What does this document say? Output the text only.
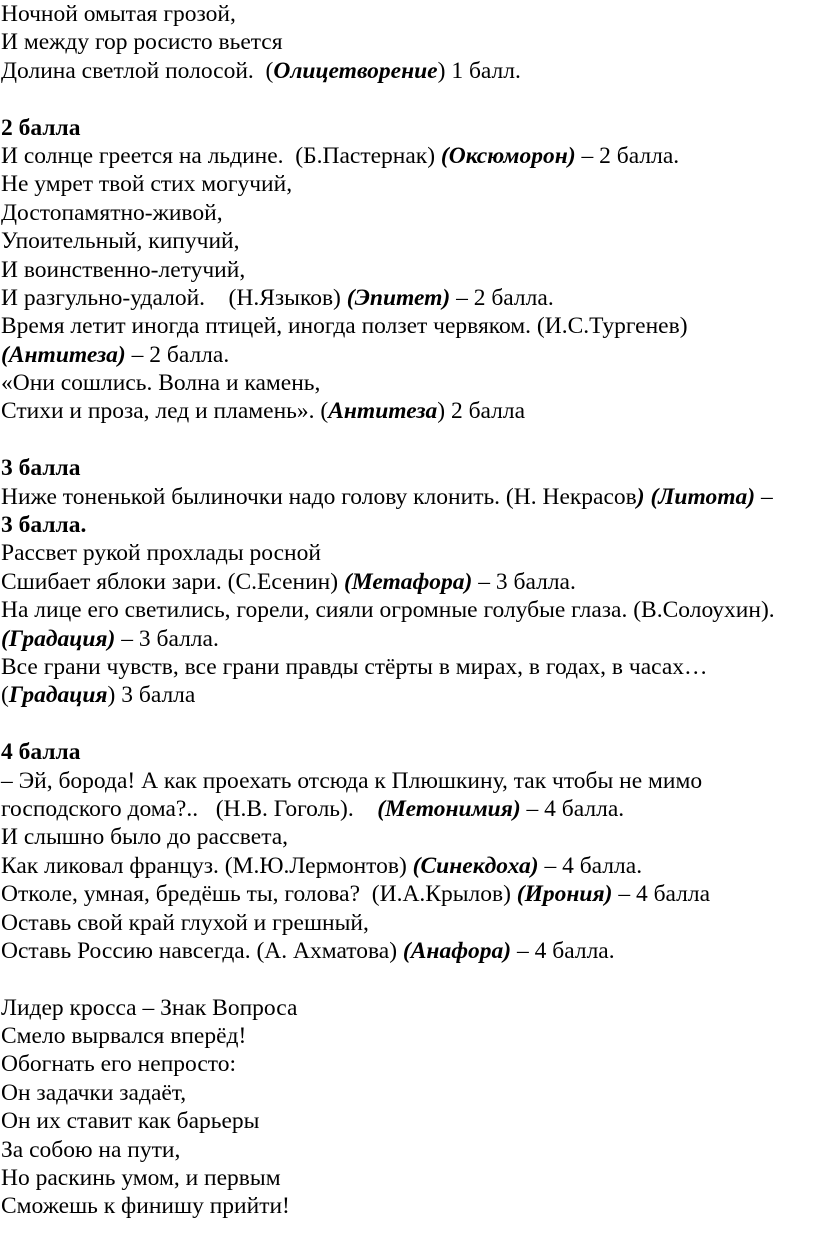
Ночной омытая грозой,
И между гор росисто вьется
Долина светлой полосой.  (Олицетворение) 1 балл.
2 балла
И солнце греется на льдине.  (Б.Пастернак) (Оксюморон) – 2 балла.
Не умрет твой стих могучий,
Достопамятно-живой,
Упоительный, кипучий,
И воинственно-летучий,
И разгульно-удалой.    (Н.Языков) (Эпитет) – 2 балла.
Время летит иногда птицей, иногда ползет червяком. (И.С.Тургенев)
(Антитеза) – 2 балла.
«Они сошлись. Волна и камень,
Стихи и проза, лед и пламень». (Антитеза) 2 балла
3 балла
Ниже тоненькой былиночки надо голову клонить. (Н. Некрасов) (Литота) –
3 балла.
Рассвет рукой прохлады росной
Сшибает яблоки зари. (С.Есенин) (Метафора) – 3 балла.
На лице его светились, горели, сияли огромные голубые глаза. (В.Солоухин).
(Градация) – 3 балла.
Все грани чувств, все грани правды стёрты в мирах, в годах, в часах…
(Градация) 3 балла
4 балла
– Эй, борода! А как проехать отсюда к Плюшкину, так чтобы не мимо
господского дома?..   (Н.В. Гоголь).    (Метонимия) – 4 балла.
И слышно было до рассвета,
Как ликовал француз. (М.Ю.Лермонтов) (Синекдоха) – 4 балла.
Отколе, умная, бредёшь ты, голова?  (И.А.Крылов) (Ирония) – 4 балла
Оставь свой край глухой и грешный,
Оставь Россию навсегда. (А. Ахматова) (Анафора) – 4 балла.
Лидер кросса – Знак Вопроса
Смело вырвался вперёд!
Обогнать его непросто:
Он задачки задаёт,
Он их ставит как барьеры
За собою на пути,
Но раскинь умом, и первым
Сможешь к финишу прийти!
